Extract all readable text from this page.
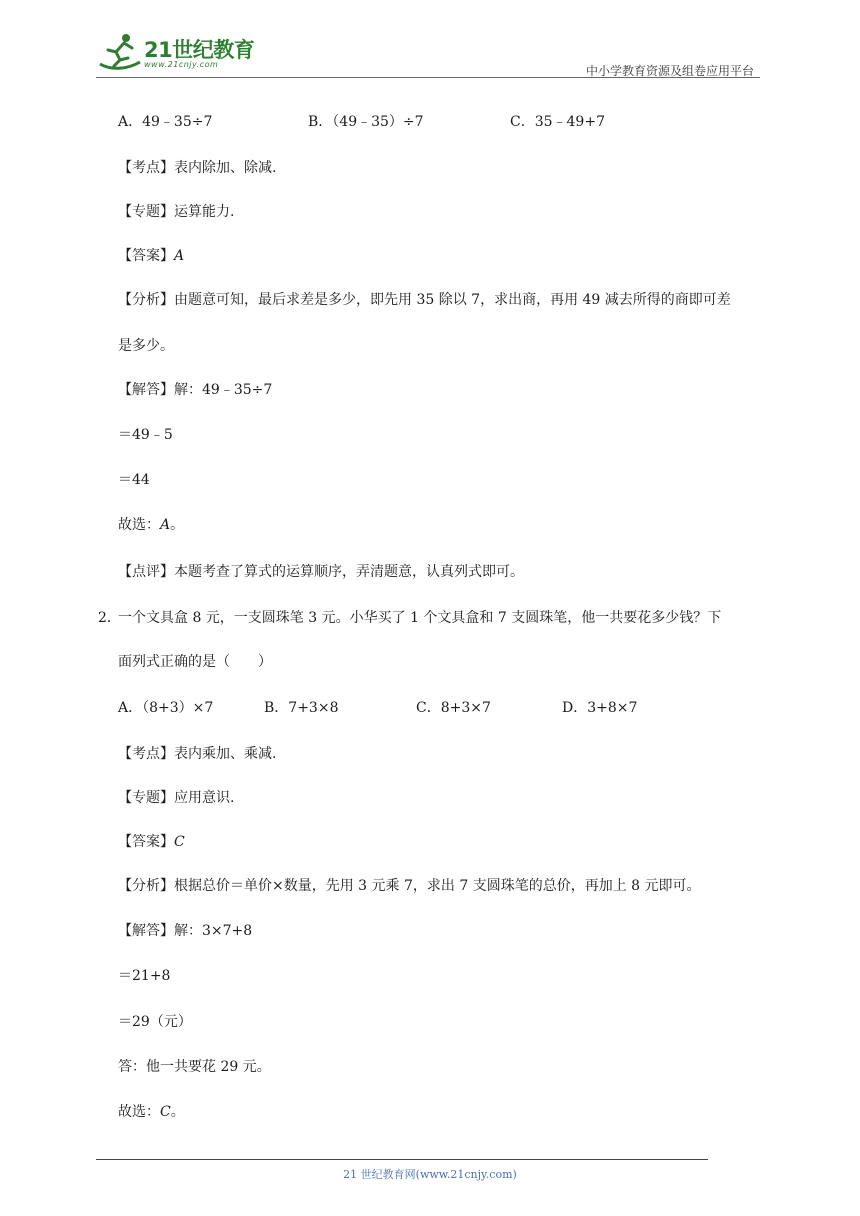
21世纪教育
www.21cnjy.com	中小学教育资源及组卷应用平台
A．49﹣35÷7	B．（49﹣35）÷7	C．35﹣49+7
【考点】表内除加、除减.
【专题】运算能力.
【答案】A
【分析】由题意可知，最后求差是多少，即先用 35 除以 7，求出商，再用 49 减去所得的商即可差
是多少。
【解答】解：49﹣35÷7
＝49﹣5
＝44
故选：A。
【点评】本题考查了算式的运算顺序，弄清题意，认真列式即可。
2．
一个文具盒 8 元，一支圆珠笔 3 元。小华买了 1 个文具盒和 7 支圆珠笔，他一共要花多少钱？下
面列式正确的是（　　）
A．（8+3）×7	B．7+3×8	C．8+3×7	D．3+8×7
【考点】表内乘加、乘减.
【专题】应用意识.
【答案】C
【分析】根据总价＝单价×数量，先用 3 元乘 7，求出 7 支圆珠笔的总价，再加上 8 元即可。
【解答】解：3×7+8
＝21+8
＝29（元）
答：他一共要花 29 元。
故选：C。
21 世纪教育网(www.21cnjy.com)
